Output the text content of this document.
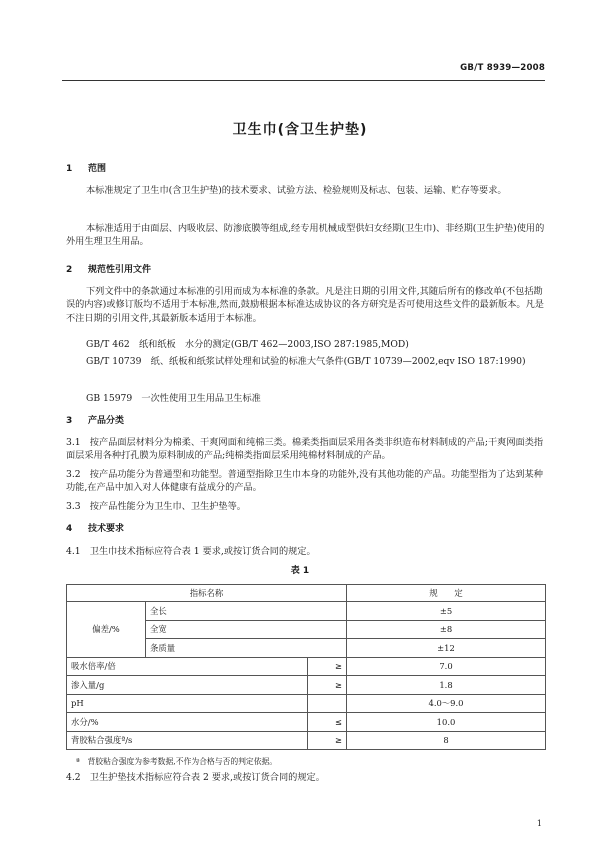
GB/T 8939—2008
卫生巾(含卫生护垫)
1 范围
本标准规定了卫生巾(含卫生护垫)的技术要求、试验方法、检验规则及标志、包装、运输、贮存等要求。
本标准适用于由面层、内吸收层、防渗底膜等组成,经专用机械成型供妇女经期(卫生巾)、非经期(卫生护垫)使用的外用生理卫生用品。
2 规范性引用文件
下列文件中的条款通过本标准的引用而成为本标准的条款。凡是注日期的引用文件,其随后所有的修改单(不包括勘误的内容)或修订版均不适用于本标准,然而,鼓励根据本标准达成协议的各方研究是否可使用这些文件的最新版本。凡是不注日期的引用文件,其最新版本适用于本标准。
GB/T 462　纸和纸板　水分的测定(GB/T 462—2003,ISO 287:1985,MOD)
GB/T 10739　纸、纸板和纸浆试样处理和试验的标准大气条件(GB/T 10739—2002,eqv ISO 187:1990)
GB 15979　一次性使用卫生用品卫生标准
3 产品分类
3.1　按产品面层材料分为棉柔、干爽网面和纯棉三类。棉柔类指面层采用各类非织造布材料制成的产品;干爽网面类指面层采用各种打孔膜为原料制成的产品;纯棉类指面层采用纯棉材料制成的产品。
3.2　按产品功能分为普通型和功能型。普通型指除卫生巾本身的功能外,没有其他功能的产品。功能型指为了达到某种功能,在产品中加入对人体健康有益成分的产品。
3.3　按产品性能分为卫生巾、卫生护垫等。
4 技术要求
4.1　卫生巾技术指标应符合表 1 要求,或按订货合同的规定。
表 1
指标名称			规　　定
偏差/%	全长		±5
	全宽		±8
	条质量		±12
吸水倍率/倍		≥	7.0
渗入量/g		≥	1.8
pH			4.0～9.0
水分/%		≤	10.0
背胶粘合强度ª/s		≥	8
ª　背胶粘合强度为参考数据,不作为合格与否的判定依据。
4.2　卫生护垫技术指标应符合表 2 要求,或按订货合同的规定。
1
